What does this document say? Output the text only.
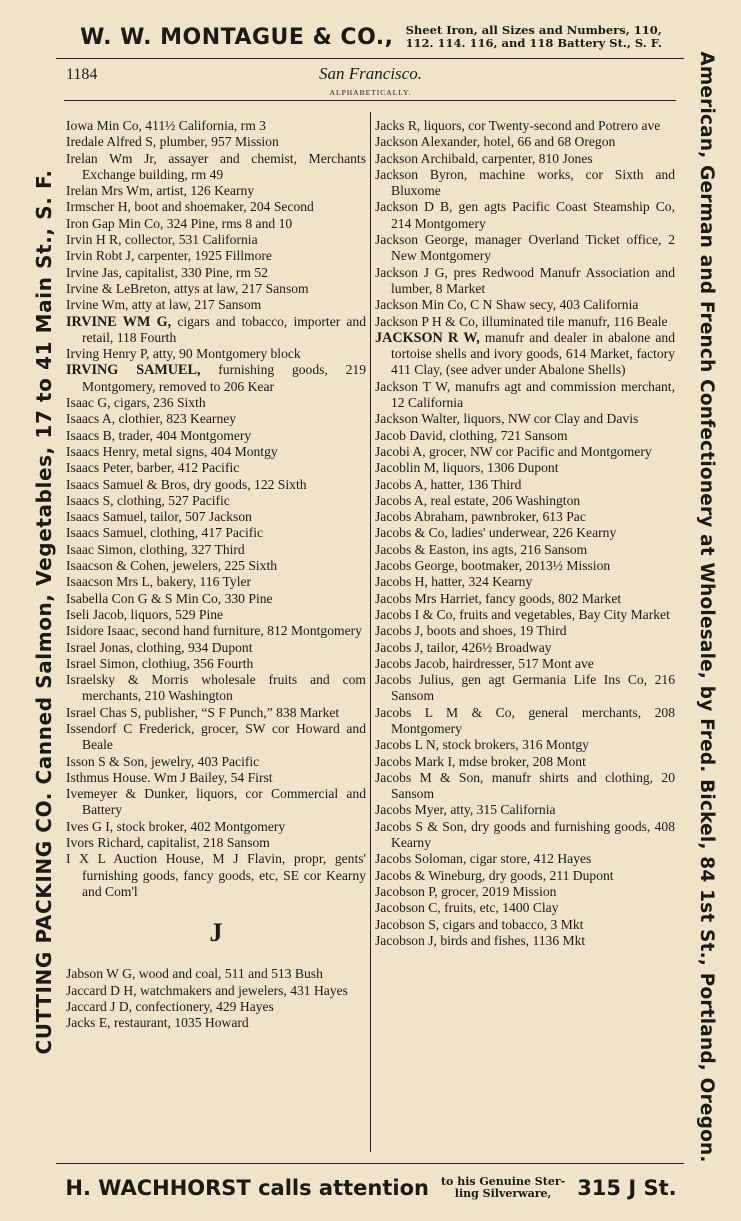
W. W. MONTAGUE & CO., Sheet Iron, all Sizes and Numbers, 110,
112. 114. 116, and 118 Battery St., S. F.
1184	San Francisco.
ALPHABETICALLY.
CUTTING PACKING CO. Canned Salmon, Vegetables, 17 to 41 Main St., S. F.	American, German and French Confectionery at Wholesale, by Fred. Bickel, 84 1st St., Portland, Oregon.
Iowa Min Co, 411½ California, rm 3
Iredale Alfred S, plumber, 957 Mission
Irelan Wm Jr, assayer and chemist, Merchants Exchange building, rm 49
Irelan Mrs Wm, artist, 126 Kearny
Irmscher H, boot and shoemaker, 204 Second
Iron Gap Min Co, 324 Pine, rms 8 and 10
Irvin H R, collector, 531 California
Irvin Robt J, carpenter, 1925 Fillmore
Irvine Jas, capitalist, 330 Pine, rm 52
Irvine & LeBreton, attys at law, 217 Sansom
Irvine Wm, atty at law, 217 Sansom
IRVINE WM G, cigars and tobacco, importer and retail, 118 Fourth
Irving Henry P, atty, 90 Montgomery block
IRVING SAMUEL, furnishing goods, 219 Montgomery, removed to 206 Kear
Isaac G, cigars, 236 Sixth
Isaacs A, clothier, 823 Kearney
Isaacs B, trader, 404 Montgomery
Isaacs Henry, metal signs, 404 Montgy
Isaacs Peter, barber, 412 Pacific
Isaacs Samuel & Bros, dry goods, 122 Sixth
Isaacs S, clothing, 527 Pacific
Isaacs Samuel, tailor, 507 Jackson
Isaacs Samuel, clothing, 417 Pacific
Isaac Simon, clothing, 327 Third
Isaacson & Cohen, jewelers, 225 Sixth
Isaacson Mrs L, bakery, 116 Tyler
Isabella Con G & S Min Co, 330 Pine
Iseli Jacob, liquors, 529 Pine
Isidore Isaac, second hand furniture, 812 Montgomery
Israel Jonas, clothing, 934 Dupont
Israel Simon, clothiug, 356 Fourth
Israelsky & Morris wholesale fruits and com merchants, 210 Washington
Israel Chas S, publisher, “S F Punch,” 838 Market
Issendorf C Frederick, grocer, SW cor Howard and Beale
Isson S & Son, jewelry, 403 Pacific
Isthmus House. Wm J Bailey, 54 First
Ivemeyer & Dunker, liquors, cor Commercial and Battery
Ives G I, stock broker, 402 Montgomery
Ivors Richard, capitalist, 218 Sansom
I X L Auction House, M J Flavin, propr, gents' furnishing goods, fancy goods, etc, SE cor Kearny and Com'l
J
Jabson W G, wood and coal, 511 and 513 Bush
Jaccard D H, watchmakers and jewelers, 431 Hayes
Jaccard J D, confectionery, 429 Hayes
Jacks E, restaurant, 1035 Howard
Jacks R, liquors, cor Twenty-second and Potrero ave
Jackson Alexander, hotel, 66 and 68 Oregon
Jackson Archibald, carpenter, 810 Jones
Jackson Byron, machine works, cor Sixth and Bluxome
Jackson D B, gen agts Pacific Coast Steamship Co, 214 Montgomery
Jackson George, manager Overland Ticket office, 2 New Montgomery
Jackson J G, pres Redwood Manufr Association and lumber, 8 Market
Jackson Min Co, C N Shaw secy, 403 California
Jackson P H & Co, illuminated tile manufr, 116 Beale
JACKSON R W, manufr and dealer in abalone and tortoise shells and ivory goods, 614 Market, factory 411 Clay, (see adver under Abalone Shells)
Jackson T W, manufrs agt and commission merchant, 12 California
Jackson Walter, liquors, NW cor Clay and Davis
Jacob David, clothing, 721 Sansom
Jacobi A, grocer, NW cor Pacific and Montgomery
Jacoblin M, liquors, 1306 Dupont
Jacobs A, hatter, 136 Third
Jacobs A, real estate, 206 Washington
Jacobs Abraham, pawnbroker, 613 Pac
Jacobs & Co, ladies' underwear, 226 Kearny
Jacobs & Easton, ins agts, 216 Sansom
Jacobs George, bootmaker, 2013½ Mission
Jacobs H, hatter, 324 Kearny
Jacobs Mrs Harriet, fancy goods, 802 Market
Jacobs I & Co, fruits and vegetables, Bay City Market
Jacobs J, boots and shoes, 19 Third
Jacobs J, tailor, 426½ Broadway
Jacobs Jacob, hairdresser, 517 Mont ave
Jacobs Julius, gen agt Germania Life Ins Co, 216 Sansom
Jacobs L M & Co, general merchants, 208 Montgomery
Jacobs L N, stock brokers, 316 Montgy
Jacobs Mark I, mdse broker, 208 Mont
Jacobs M & Son, manufr shirts and clothing, 20 Sansom
Jacobs Myer, atty, 315 California
Jacobs S & Son, dry goods and furnishing goods, 408 Kearny
Jacobs Soloman, cigar store, 412 Hayes
Jacobs & Wineburg, dry goods, 211 Dupont
Jacobson P, grocer, 2019 Mission
Jacobson C, fruits, etc, 1400 Clay
Jacobson S, cigars and tobacco, 3 Mkt
Jacobson J, birds and fishes, 1136 Mkt
H. WACHHORST calls attention to his Genuine Ster-
ling Silverware,	315 J St.
